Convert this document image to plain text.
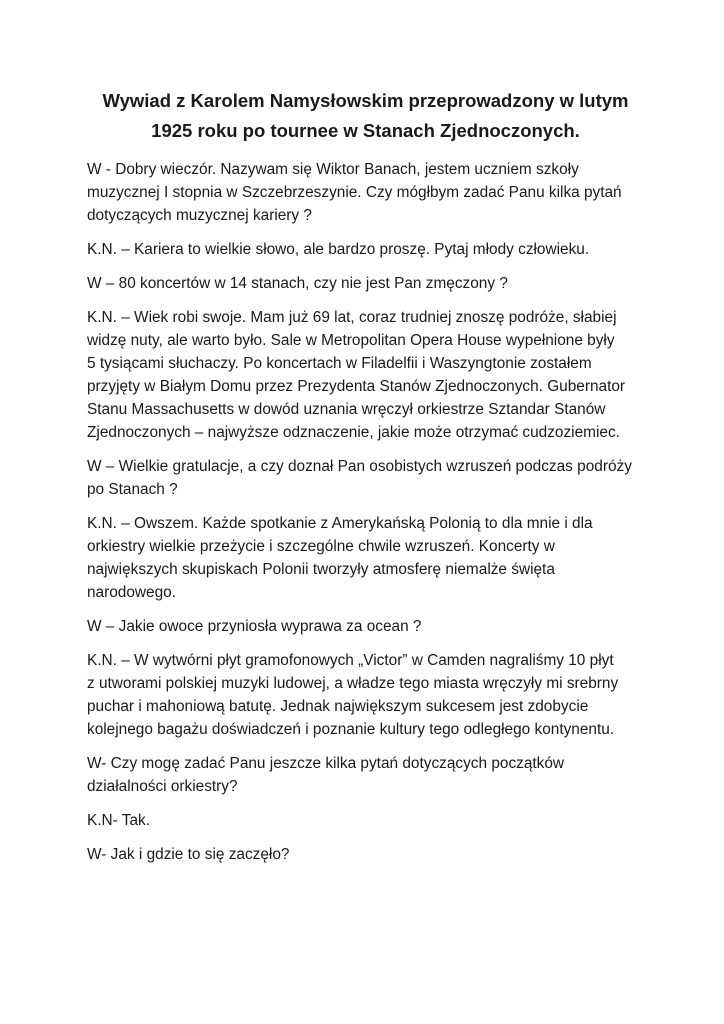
Wywiad z Karolem Namysłowskim przeprowadzony w lutym
1925 roku po tournee w Stanach Zjednoczonych.

W - Dobry wieczór. Nazywam się Wiktor Banach, jestem uczniem szkoły
muzycznej I stopnia w Szczebrzeszynie. Czy mógłbym zadać Panu kilka pytań
dotyczących muzycznej kariery ?

K.N. – Kariera to wielkie słowo, ale bardzo proszę. Pytaj młody człowieku.

W – 80 koncertów w 14 stanach, czy nie jest Pan zmęczony ?

K.N. – Wiek robi swoje. Mam już 69 lat, coraz trudniej znoszę podróże, słabiej
widzę nuty, ale warto było. Sale w Metropolitan Opera House wypełnione były
5 tysiącami słuchaczy. Po koncertach w Filadelfii i Waszyngtonie zostałem
przyjęty w Białym Domu przez Prezydenta Stanów Zjednoczonych. Gubernator
Stanu Massachusetts w dowód uznania wręczył orkiestrze Sztandar Stanów
Zjednoczonych – najwyższe odznaczenie, jakie może otrzymać cudzoziemiec.

W – Wielkie gratulacje, a czy doznał Pan osobistych wzruszeń podczas podróży
po Stanach ?

K.N. – Owszem. Każde spotkanie z Amerykańską Polonią to dla mnie i dla
orkiestry wielkie przeżycie i szczególne chwile wzruszeń. Koncerty w
największych skupiskach Polonii tworzyły atmosferę niemalże święta
narodowego.

W – Jakie owoce przyniosła wyprawa za ocean ?

K.N. – W wytwórni płyt gramofonowych „Victor” w Camden nagraliśmy 10 płyt
z utworami polskiej muzyki ludowej, a władze tego miasta wręczyły mi srebrny
puchar i mahoniową batutę. Jednak największym sukcesem jest zdobycie
kolejnego bagażu doświadczeń i poznanie kultury tego odległego kontynentu.

W- Czy mogę zadać Panu jeszcze kilka pytań dotyczących początków
działalności orkiestry?

K.N- Tak.

W- Jak i gdzie to się zaczęło?
